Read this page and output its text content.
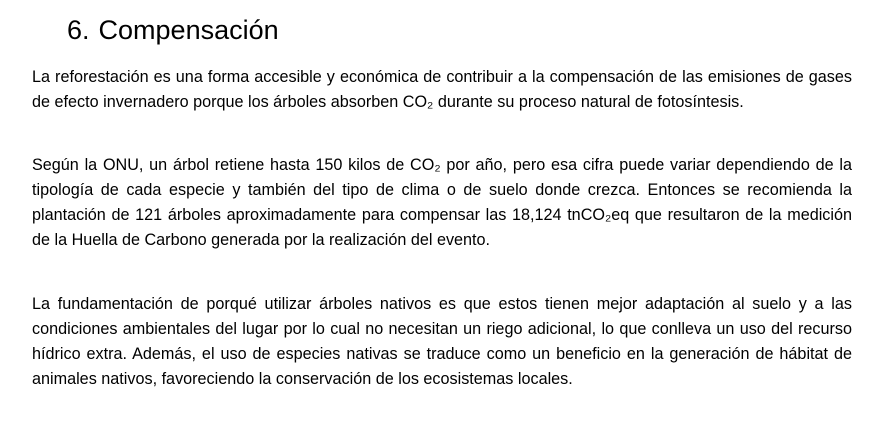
6. Compensación

La reforestación es una forma accesible y económica de contribuir a la compensación de las emisiones de gases de efecto invernadero porque los árboles absorben CO₂ durante su proceso natural de fotosíntesis.

Según la ONU, un árbol retiene hasta 150 kilos de CO₂ por año, pero esa cifra puede variar dependiendo de la tipología de cada especie y también del tipo de clima o de suelo donde crezca. Entonces se recomienda la plantación de 121 árboles aproximadamente para compensar las 18,124 tnCO₂eq que resultaron de la medición de la Huella de Carbono generada por la realización del evento.

La fundamentación de porqué utilizar árboles nativos es que estos tienen mejor adaptación al suelo y a las condiciones ambientales del lugar por lo cual no necesitan un riego adicional, lo que conlleva un uso del recurso hídrico extra. Además, el uso de especies nativas se traduce como un beneficio en la generación de hábitat de animales nativos, favoreciendo la conservación de los ecosistemas locales.
